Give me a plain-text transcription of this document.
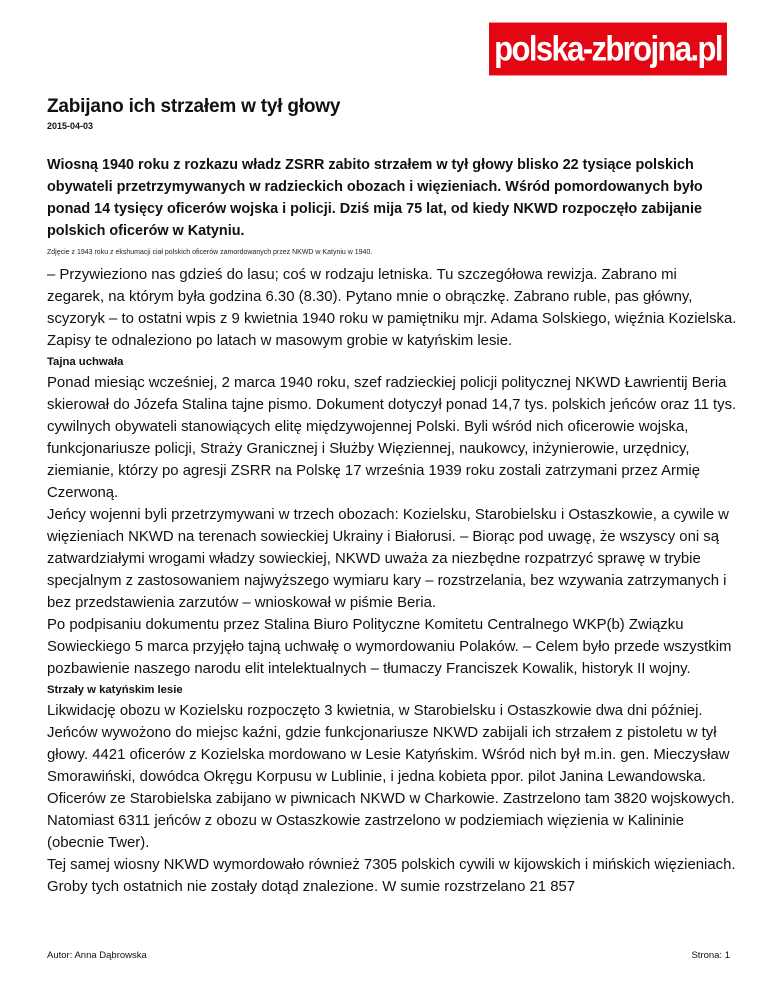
polska-zbrojna.pl
Zabijano ich strzałem w tył głowy
2015-04-03

Wiosną 1940 roku z rozkazu władz ZSRR zabito strzałem w tył głowy blisko 22 tysiące polskich obywateli przetrzymywanych w radzieckich obozach i więzieniach. Wśród pomordowanych było ponad 14 tysięcy oficerów wojska i policji. Dziś mija 75 lat, od kiedy NKWD rozpoczęło zabijanie polskich oficerów w Katyniu.

Zdjęcie z 1943 roku z ekshumacji ciał polskich oficerów zamordowanych przez NKWD w Katyniu w 1940.

– Przywieziono nas gdzieś do lasu; coś w rodzaju letniska. Tu szczegółowa rewizja. Zabrano mi zegarek, na którym była godzina 6.30 (8.30). Pytano mnie o obrączkę. Zabrano ruble, pas główny, scyzoryk – to ostatni wpis z 9 kwietnia 1940 roku w pamiętniku mjr. Adama Solskiego, więźnia Kozielska. Zapisy te odnaleziono po latach w masowym grobie w katyńskim lesie.

Tajna uchwała

Ponad miesiąc wcześniej, 2 marca 1940 roku, szef radzieckiej policji politycznej NKWD Ławrientij Beria skierował do Józefa Stalina tajne pismo. Dokument dotyczył ponad 14,7 tys. polskich jeńców oraz 11 tys. cywilnych obywateli stanowiących elitę międzywojennej Polski. Byli wśród nich oficerowie wojska, funkcjonariusze policji, Straży Granicznej i Służby Więziennej, naukowcy, inżynierowie, urzędnicy, ziemianie, którzy po agresji ZSRR na Polskę 17 września 1939 roku zostali zatrzymani przez Armię Czerwoną.

Jeńcy wojenni byli przetrzymywani w trzech obozach: Kozielsku, Starobielsku i Ostaszkowie, a cywile w więzieniach NKWD na terenach sowieckiej Ukrainy i Białorusi. – Biorąc pod uwagę, że wszyscy oni są zatwardziałymi wrogami władzy sowieckiej, NKWD uważa za niezbędne rozpatrzyć sprawę w trybie specjalnym z zastosowaniem najwyższego wymiaru kary – rozstrzelania, bez wzywania zatrzymanych i bez przedstawienia zarzutów – wnioskował w piśmie Beria.

Po podpisaniu dokumentu przez Stalina Biuro Polityczne Komitetu Centralnego WKP(b) Związku Sowieckiego 5 marca przyjęło tajną uchwałę o wymordowaniu Polaków. – Celem było przede wszystkim pozbawienie naszego narodu elit intelektualnych – tłumaczy Franciszek Kowalik, historyk II wojny.

Strzały w katyńskim lesie

Likwidację obozu w Kozielsku rozpoczęto 3 kwietnia, w Starobielsku i Ostaszkowie dwa dni później. Jeńców wywożono do miejsc kaźni, gdzie funkcjonariusze NKWD zabijali ich strzałem z pistoletu w tył głowy. 4421 oficerów z Kozielska mordowano w Lesie Katyńskim. Wśród nich był m.in. gen. Mieczysław Smorawiński, dowódca Okręgu Korpusu w Lublinie, i jedna kobieta ppor. pilot Janina Lewandowska. Oficerów ze Starobielska zabijano w piwnicach NKWD w Charkowie. Zastrzelono tam 3820 wojskowych. Natomiast 6311 jeńców z obozu w Ostaszkowie zastrzelono w podziemiach więzienia w Kalininie (obecnie Twer).

Tej samej wiosny NKWD wymordowało również 7305 polskich cywili w kijowskich i mińskich więzieniach. Groby tych ostatnich nie zostały dotąd znalezione. W sumie rozstrzelano 21 857

Autor: Anna Dąbrowska	Strona: 1
